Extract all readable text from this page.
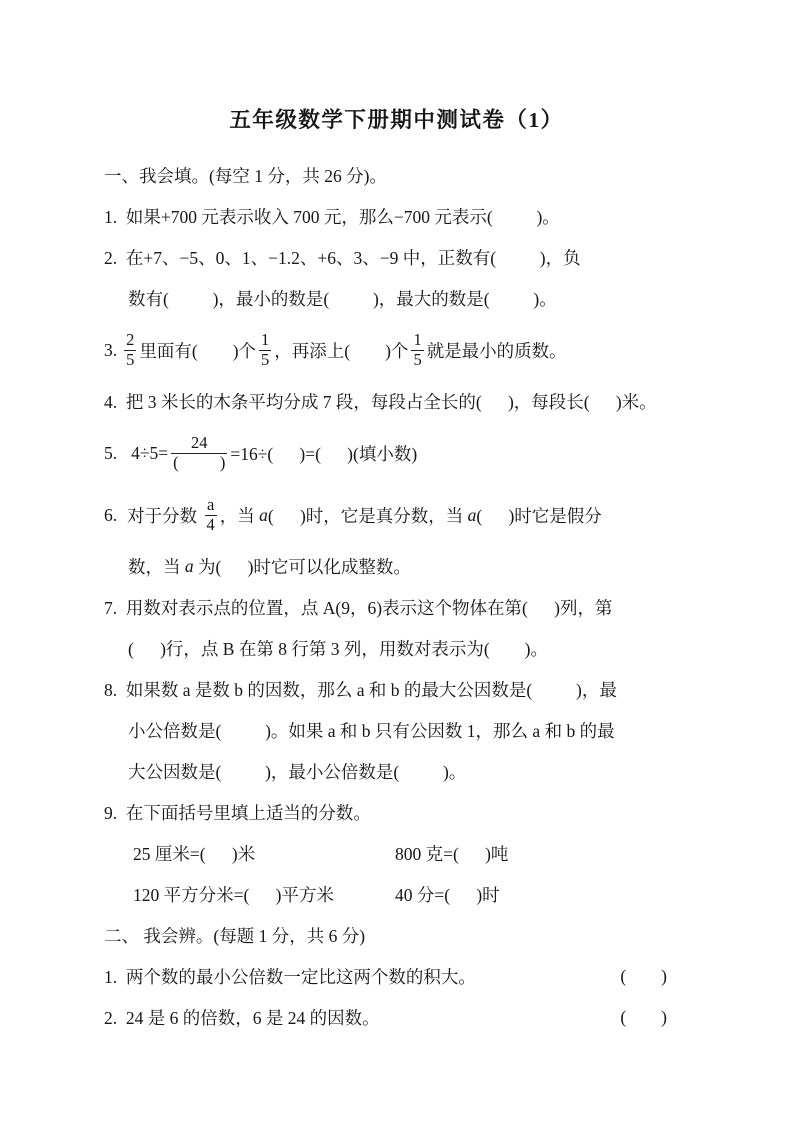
五年级数学下册期中测试卷（1）

一、我会填。(每空 1 分，共 26 分)。

1.  如果+700 元表示收入 700 元，那么−700 元表示(          )。

2.  在+7、−5、0、1、−1.2、+6、3、−9 中，正数有(          )，负

数有(          )，最小的数是(          )，最大的数是(          )。

3. $\frac{2}{5}$ 里面有(        )个 $\frac{1}{5}$ ，再添上(        )个 $\frac{1}{5}$ 就是最小的质数。

4.  把 3 米长的木条平均分成 7 段，每段占全长的(      )，每段长(      )米。

5. $4\div 5= \frac{24}{( )} =16\div$(      )=(      )(填小数)

6. 对于分数 $\frac{a}{4}$ ，当 a (      )时，它是真分数，当 a (      )时它是假分

数，当 a 为(      )时它可以化成整数。

7.  用数对表示点的位置，点 A(9，6)表示这个物体在第(      )列，第

(      )行，点 B 在第 8 行第 3 列，用数对表示为(        )。

8.  如果数 a 是数 b 的因数，那么 a 和 b 的最大公因数是(          )，最

小公倍数是(          )。如果 a 和 b 只有公因数 1，那么 a 和 b 的最

大公因数是(          )，最小公倍数是(          )。

9.  在下面括号里填上适当的分数。

25 厘米=(      )米	800 克=(      )吨

120 平方分米=(      )平方米	40 分=(      )时

二、 我会辨。(每题 1 分，共 6 分)

1.  两个数的最小公倍数一定比这两个数的积大。	(        )

2.  24 是 6 的倍数，6 是 24 的因数。	(        )
